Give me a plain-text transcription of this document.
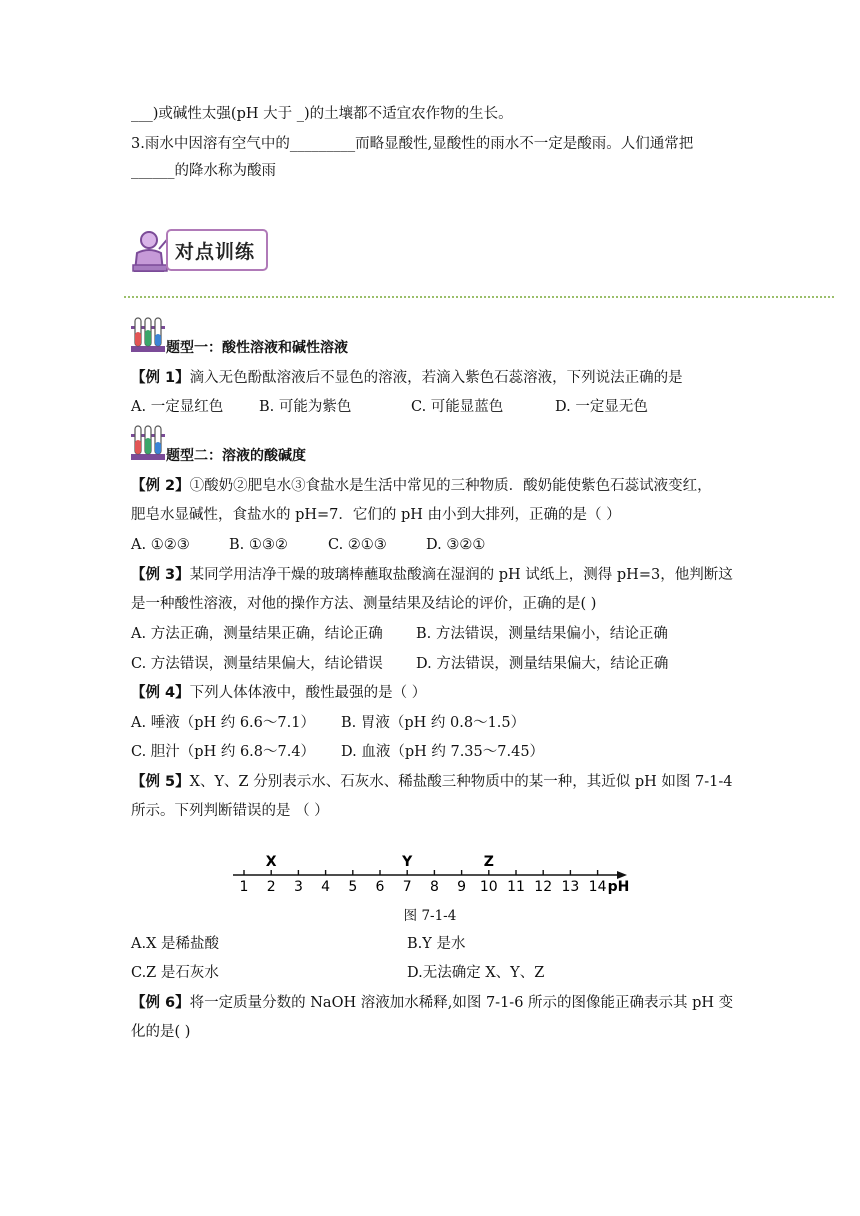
___)或碱性太强(pH 大于 _)的土壤都不适宜农作物的生长。
3.雨水中因溶有空气中的_________而略显酸性,显酸性的雨水不一定是酸雨。人们通常把
______的降水称为酸雨
对点训练
题型一：酸性溶液和碱性溶液
【例 1】滴入无色酚酞溶液后不显色的溶液，若滴入紫色石蕊溶液，下列说法正确的是
A. 一定显红色 B. 可能为紫色	C. 可能显蓝色	D. 一定显无色
题型二：溶液的酸碱度
【例 2】①酸奶②肥皂水③食盐水是生活中常见的三种物质．酸奶能使紫色石蕊试液变红，
肥皂水显碱性，食盐水的 pH=7．它们的 pH 由小到大排列，正确的是（ ）
A. ①②③	B. ①③②	C. ②①③	D. ③②①
【例 3】某同学用洁净干燥的玻璃棒蘸取盐酸滴在湿润的 pH 试纸上，测得 pH=3，他判断这
是一种酸性溶液，对他的操作方法、测量结果及结论的评价，正确的是( )
A. 方法正确，测量结果正确，结论正确 B. 方法错误，测量结果偏小，结论正确
C. 方法错误，测量结果偏大，结论错误 D. 方法错误，测量结果偏大，结论正确
【例 4】下列人体体液中，酸性最强的是（ ）
A. 唾液（pH 约 6.6～7.1） B. 胃液（pH 约 0.8～1.5）
C. 胆汁（pH 约 6.8～7.4） D. 血液（pH 约 7.35～7.45）
【例 5】X、Y、Z 分别表示水、石灰水、稀盐酸三种物质中的某一种，其近似 pH 如图 7-1-4
所示。下列判断错误的是 （ ）
1 2 3 4 5 6 7 8 9 10 11 12 13 14 pH
X	Y	Z
图 7-1-4
A.X 是稀盐酸	B.Y 是水
C.Z 是石灰水	D.无法确定 X、Y、Z
【例 6】将一定质量分数的 NaOH 溶液加水稀释,如图 7-1-6 所示的图像能正确表示其 pH 变
化的是( )
